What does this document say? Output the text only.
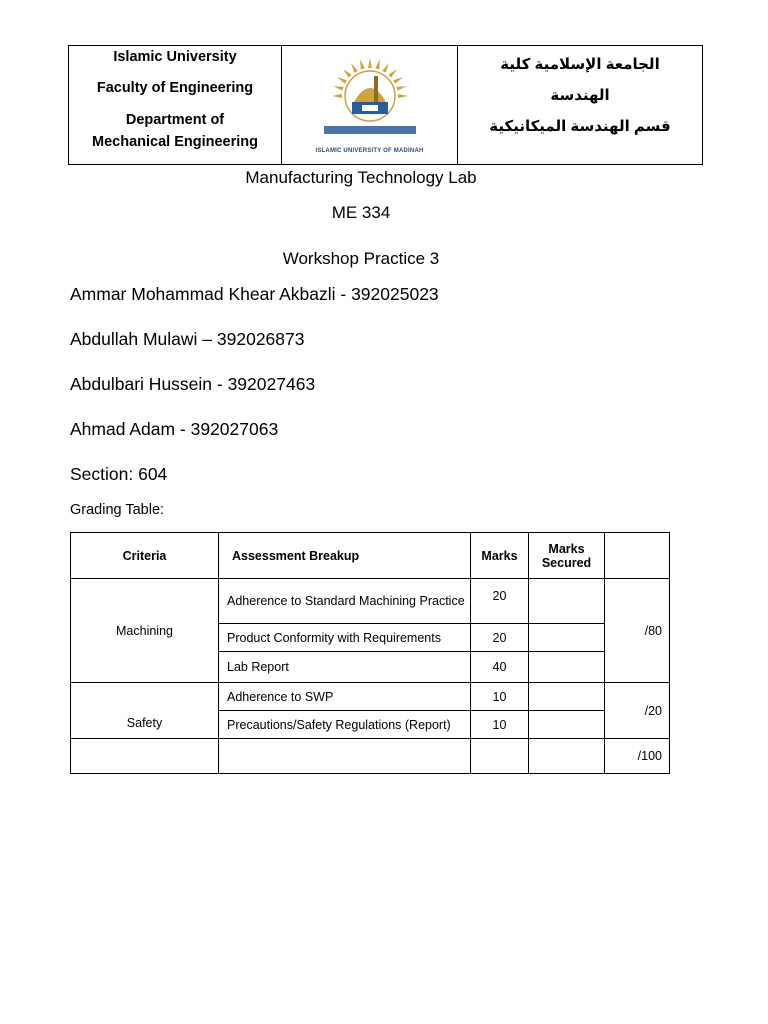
Islamic University
Faculty of Engineering
Department of
Mechanical Engineering
ISLAMIC UNIVERSITY OF MADINAH
الجامعة الإسلامية كلية
الهندسة
قسم الهندسة الميكانيكية
Manufacturing Technology Lab
ME 334
Workshop Practice 3
Ammar Mohammad Khear Akbazli - 392025023
Abdullah Mulawi – 392026873
Abdulbari Hussein - 392027463
Ahmad Adam - 392027063
Section: 604
Grading Table:
Criteria	Assessment Breakup	Marks	Marks Secured	
Machining	Adherence to Standard Machining Practice	20		/80
	Product Conformity with Requirements	20		
	Lab Report	40		
Safety	Adherence to SWP	10		/20
	Precautions/Safety Regulations (Report)	10		
				/100
